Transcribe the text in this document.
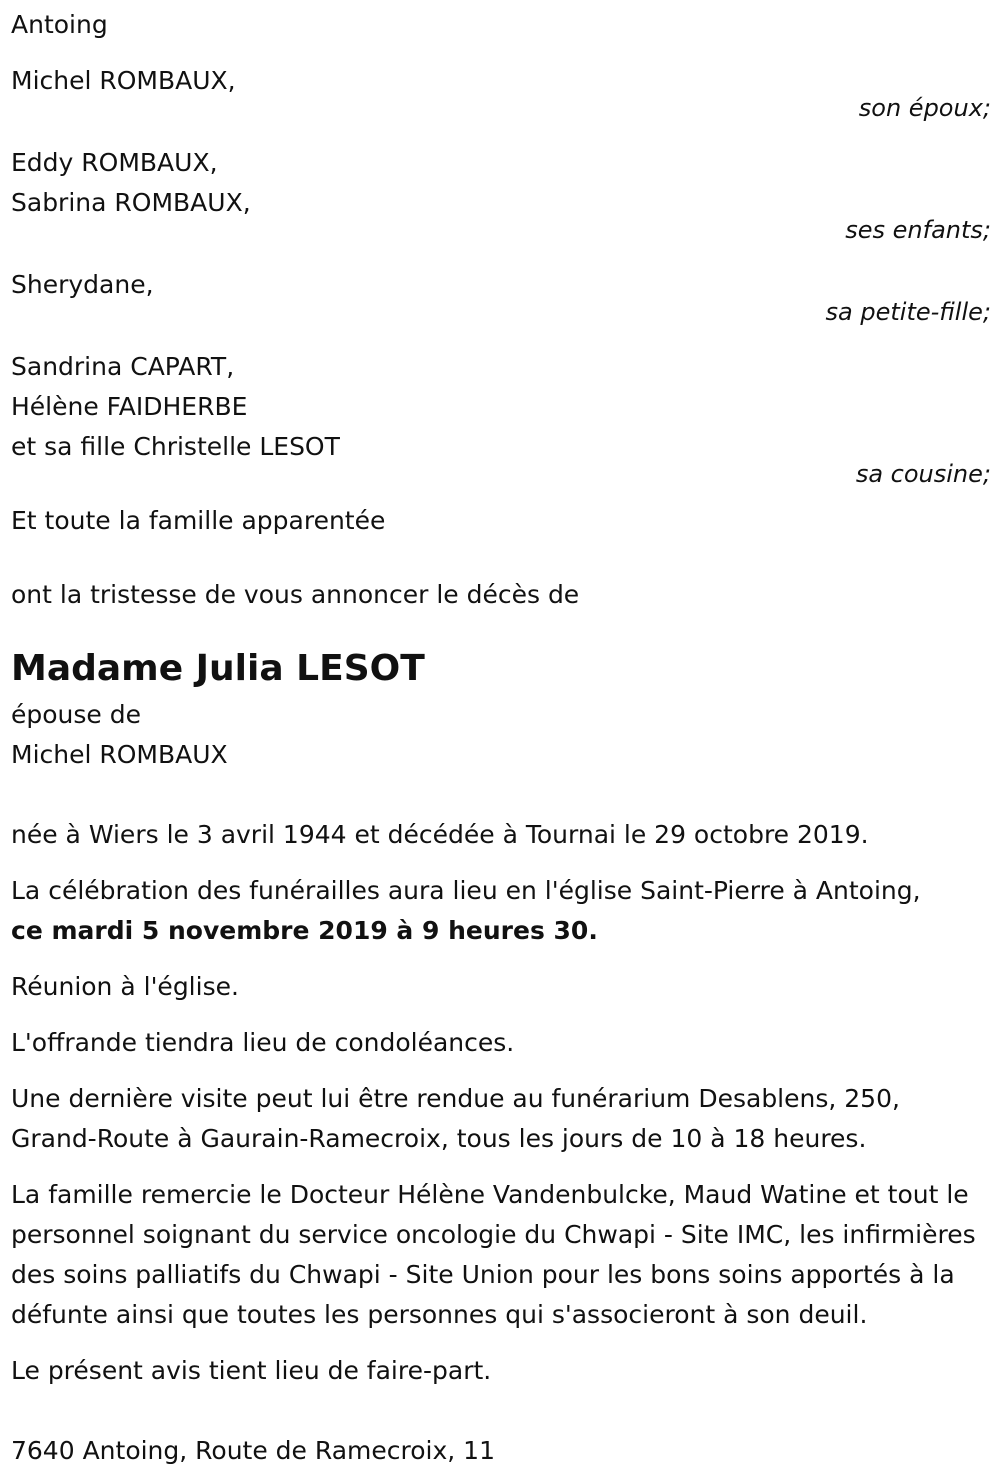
Antoing
Michel ROMBAUX,
son époux;
Eddy ROMBAUX,
Sabrina ROMBAUX,
ses enfants;
Sherydane,
sa petite-fille;
Sandrina CAPART,
Hélène FAIDHERBE
et sa fille Christelle LESOT
sa cousine;
Et toute la famille apparentée
ont la tristesse de vous annoncer le décès de
Madame Julia LESOT
épouse de
Michel ROMBAUX
née à Wiers le 3 avril 1944 et décédée à Tournai le 29 octobre 2019.
La célébration des funérailles aura lieu en l'église Saint-Pierre à Antoing,
ce mardi 5 novembre 2019 à 9 heures 30.
Réunion à l'église.
L'offrande tiendra lieu de condoléances.
Une dernière visite peut lui être rendue au funérarium Desablens, 250, Grand-Route à Gaurain-Ramecroix, tous les jours de 10 à 18 heures.
La famille remercie le Docteur Hélène Vandenbulcke, Maud Watine et tout le personnel soignant du service oncologie du Chwapi - Site IMC, les infirmières des soins palliatifs du Chwapi - Site Union pour les bons soins apportés à la défunte ainsi que toutes les personnes qui s'associeront à son deuil.
Le présent avis tient lieu de faire-part.
7640 Antoing, Route de Ramecroix, 11
